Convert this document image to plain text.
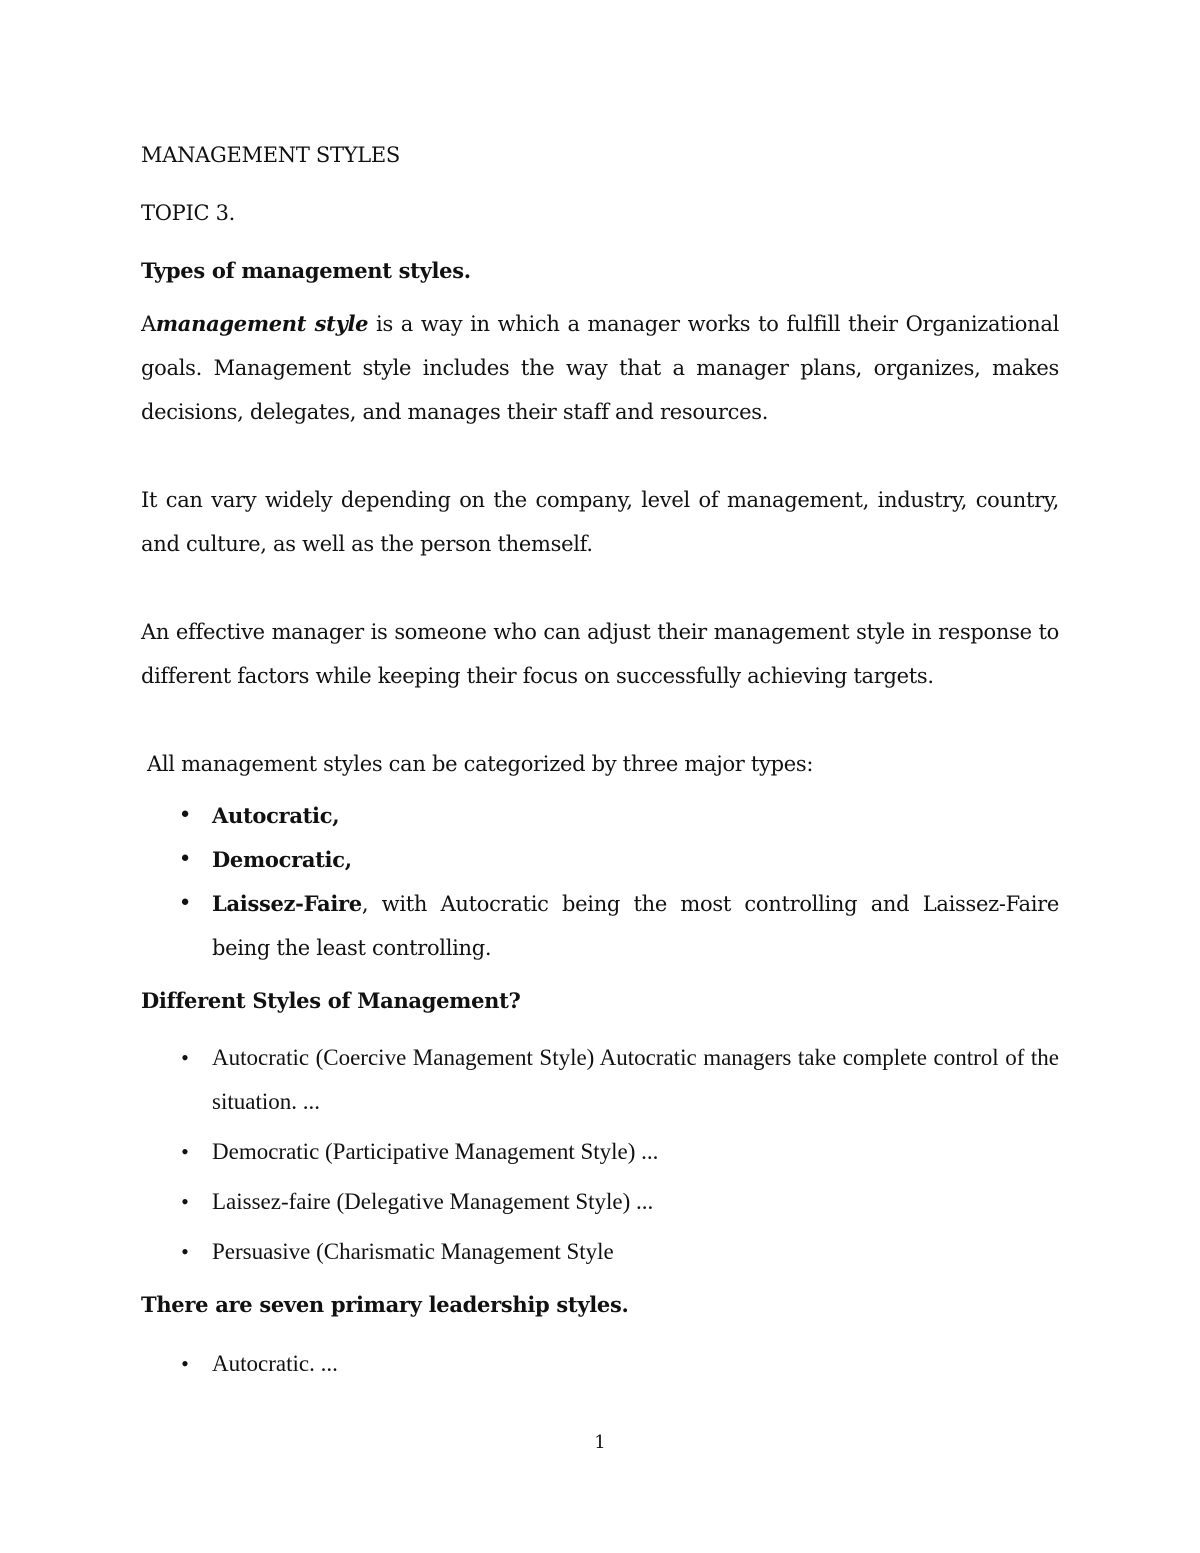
MANAGEMENT STYLES

TOPIC 3.

Types of management styles.

Amanagement style is a way in which a manager works to fulfill their Organizational goals. Management style includes the way that a manager plans, organizes, makes decisions, delegates, and manages their staff and resources.

It can vary widely depending on the company, level of management, industry, country, and culture, as well as the person themself.

An effective manager is someone who can adjust their management style in response to different factors while keeping their focus on successfully achieving targets.

All management styles can be categorized by three major types:

• Autocratic,
• Democratic,
• Laissez-Faire, with Autocratic being the most controlling and Laissez-Faire being the least controlling.

Different Styles of Management?

• Autocratic (Coercive Management Style) Autocratic managers take complete control of the situation. ...
• Democratic (Participative Management Style) ...
• Laissez-faire (Delegative Management Style) ...
• Persuasive (Charismatic Management Style

There are seven primary leadership styles.

• Autocratic. ...
1
